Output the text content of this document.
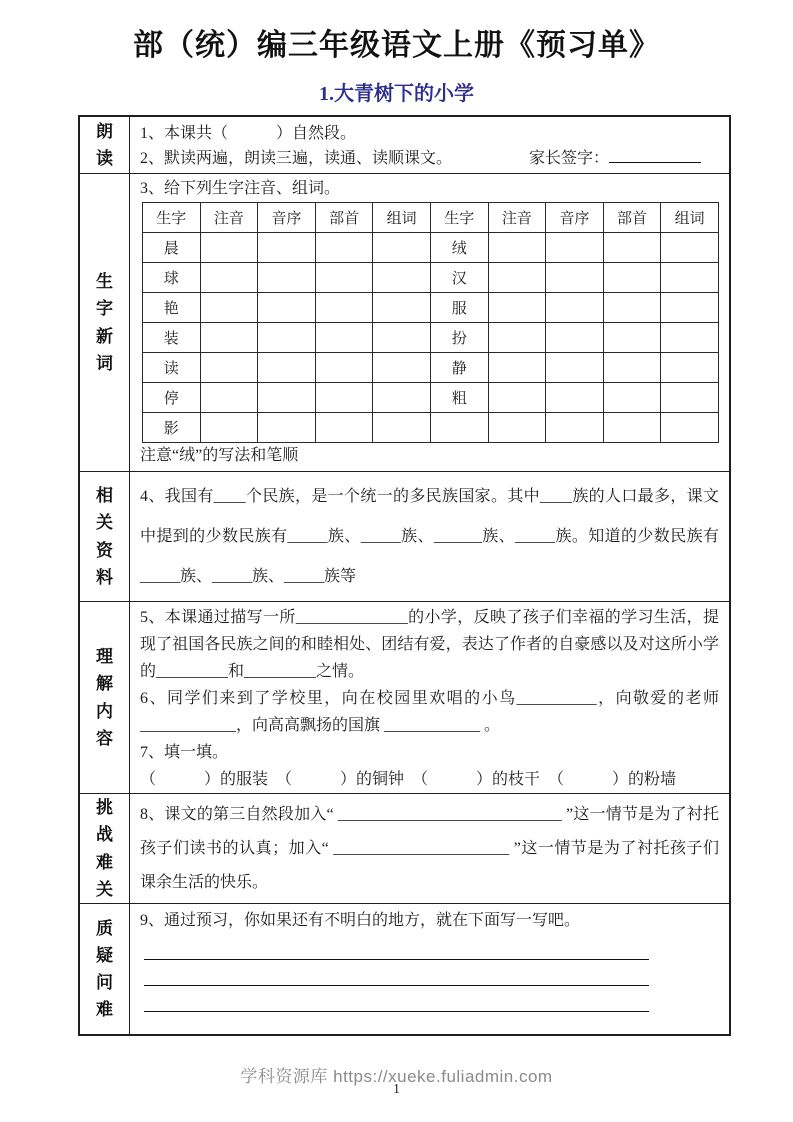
部（统）编三年级语文上册《预习单》
1.大青树下的小学
朗读
1、本课共（　　　）自然段。
2、默读两遍，朗读三遍，读通、读顺课文。	家长签字：
生字新词
3、给下列生字注音、组词。
生字	注音	音序	部首	组词	生字	注音	音序	部首	组词
晨					绒				
球					汉				
艳					服				
装					扮				
读					静				
停					粗				
影									
注意“绒”的写法和笔顺
相关资料

4、我国有____个民族，是一个统一的多民族国家。其中____族的人口最多，课文中提到的少数民族有_____族、_____族、______族、_____族。知道的少数民族有_____族、_____族、_____族等

理解内容

5、本课通过描写一所______________的小学，反映了孩子们幸福的学习生活，提现了祖国各民族之间的和睦相处、团结有爱，表达了作者的自豪感以及对这所小学的_________和_________之情。

6、同学们来到了学校里，向在校园里欢唱的小鸟__________，向敬爱的老师____________，向高高飘扬的国旗 ____________ 。

7、填一填。

（　　　）的服装　（　　　）的铜钟　（　　　）的枝干　（　　　）的粉墙

挑战难关

8、课文的第三自然段加入“ ____________________________ ”这一情节是为了衬托孩子们读书的认真；加入“ ______________________ ”这一情节是为了衬托孩子们课余生活的快乐。

质疑问难
9、通过预习，你如果还有不明白的地方，就在下面写一写吧。
学科资源库 https://xueke.fuliadmin.com
1
